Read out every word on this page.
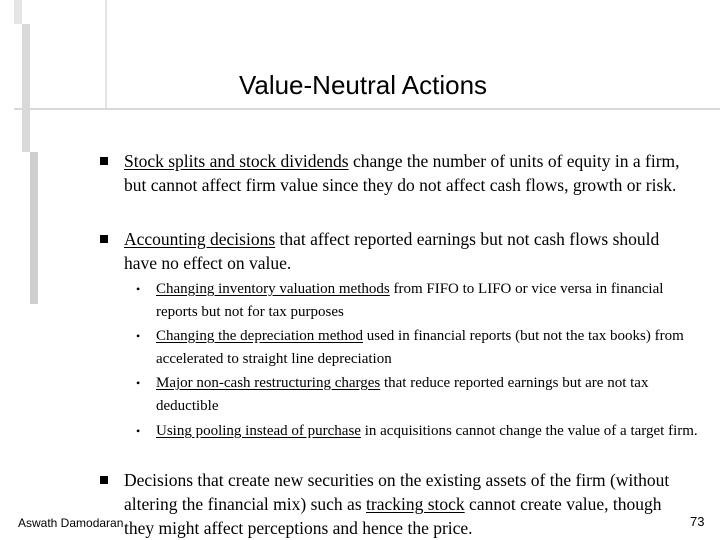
Value-Neutral Actions

Stock splits and stock dividends change the number of units of equity in a firm, but cannot affect firm value since they do not affect cash flows, growth or risk.

Accounting decisions that affect reported earnings but not cash flows should have no effect on value.

• Changing inventory valuation methods from FIFO to LIFO or vice versa in financial reports but not for tax purposes

• Changing the depreciation method used in financial reports (but not the tax books) from accelerated to straight line depreciation

• Major non-cash restructuring charges that reduce reported earnings but are not tax deductible

• Using pooling instead of purchase in acquisitions cannot change the value of a target firm.

Decisions that create new securities on the existing assets of the firm (without altering the financial mix) such as tracking stock cannot create value, though they might affect perceptions and hence the price.

Aswath Damodaran	73
